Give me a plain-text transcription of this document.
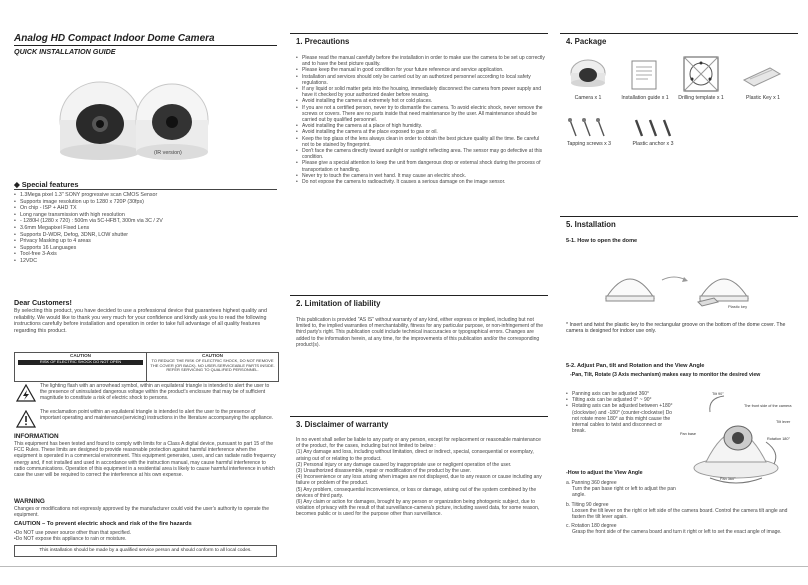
Analog HD Compact Indoor Dome Camera
QUICK INSTALLATION GUIDE
(IR version)
◆ Special features
• 1.3Mega pixel 1.3" SONY progressive scan CMOS Sensor
• Supports image resolution up to 1280 x 720P (30fps)
• On chip - ISP + AHD TX
• Long range transmission with high resolution
• - 1280H (1280 x 720) : 500m via 5C-HFBT, 300m via 3C / 2V
• 3.6mm Megapixel Fixed Lens
• Supports D-WDR, Defog, 3DNR, LOW shutter
• Privacy Masking up to 4 areas
• Supports 16 Languages
• Tool-free 3-Axis
• 12VDC
Dear Customers!
By selecting this product, you have decided to use a professional device that guarantees highest quality and reliability. We would like to thank you very much for your confidence and kindly ask you to read the following instructions carefully before installation and operation in order to take full advantage of all quality features regarding this product.
CAUTION
RISK OF ELECTRIC SHOCK DO NOT OPEN
CAUTION
TO REDUCE THE RISK OF ELECTRIC SHOCK, DO NOT REMOVE THE COVER (OR BACK). NO USER-SERVICEABLE PARTS INSIDE. REFER SERVICING TO QUALIFIED PERSONNEL.
The lighting flash with an arrowhead symbol, within an equilateral triangle is intended to alert the user to the presence of uninsulated dangerous voltage within the product's enclosure that may be of sufficient magnitude to constitute a risk of electric shock to persons.
The exclamation point within an equilateral triangle is intended to alert the user to the presence of important operating and maintenance(servicing) instructions in the literature accompanying the appliance.
INFORMATION
This equipment has been tested and found to comply with limits for a Class A digital device, pursuant to part 15 of the FCC Rules. These limits are designed to provide reasonable protection against harmful interference when the equipment is operated in a commercial environment. This equipment generates, uses, and can radiate radio frequency energy and, if not installed and used in accordance with the instruction manual, may cause harmful interference to radio communications. Operation of this equipment in a residential area is likely to cause harmful interference in which case the user will be required to correct the interference at his own expense.
WARNING
Changes or modifications not expressly approved by the manufacturer could void the user's authority to operate the equipment.
CAUTION – To prevent electric shock and risk of the fire hazards
•Do NOT use power source other than that specified.
•Do NOT expose this appliance to rain or moisture.
This installation should be made by a qualified service person and should conform to all local codes.
1. Precautions
• Please read the manual carefully before the installation in order to make use the camera to be set up correctly and to have the best picture quality.
• Please keep the manual in good condition for your future reference and service application.
• Installation and services should only be carried out by an authorized personnel according to local safety regulations.
• If any liquid or solid matter gets into the housing, immediately disconnect the camera from power supply and have it checked by your authorized dealer before reusing.
• Avoid installing the camera at extremely hot or cold places.
• If you are not a certified person, never try to dismantle the camera. To avoid electric shock, never remove the screws or covers. There are no parts inside that need maintenance by the user. All maintenance should be carried out by qualified personnel.
• Avoid installing the camera at a place of high humidity.
• Avoid installing the camera at the place exposed to gas or oil.
• Keep the top glass of the lens always clean in order to obtain the best picture quality all the time. Be careful not to be stained by fingerprint.
• Don't face the camera directly toward sunlight or sunlight reflecting area. The sensor may go defective at this condition.
• Please give a special attention to keep the unit from dangerous drop or external shock during the process of transportation or handling.
• Never try to touch the camera in wet hand. It may cause an electric shock.
• Do not expose the camera to radioactivity. It causes a serious damage on the image sensor.
2. Limitation of liability
This publication is provided "AS IS" without warranty of any kind, either express or implied, including but not limited to, the implied warranties of merchantability, fitness for any particular purpose, or non-infringement of the third party's right. This publication could include technical inaccuracies or typographical errors. Changes are added to the information herein, at any time, for the improvements of this publication and/or the corresponding product(s).
3. Disclaimer of warranty
In no event shall seller be liable to any party or any person, except for replacement or reasonable maintenance of the product, for the cases, including but not limited to below :
(1) Any damage and loss, including without limitation, direct or indirect, special, consequential or exemplary, arising out of or relating to the product.
(2) Personal injury or any damage caused by inappropriate use or negligent operation of the user.
(3) Unauthorized disassemble, repair or modification of the product by the user.
(4) Inconvenience or any loss arising when images are not displayed, due to any reason or cause including any failure or problem of the product.
(5) Any problem, consequential inconvenience, or loss or damage, arising out of the system combined by the devices of third party.
(6) Any claim or action for damages, brought by any person or organization being photogenic subject, due to violation of privacy with the result of that surveillance-camera's picture, including saved data, for some reason, becomes public or is used for the purpose other than surveillance.
4. Package
Camera x 1	Installation guide x 1	Drilling template x 1	Plastic Key x 1
Tapping screws x 3	Plastic anchor x 3
5. Installation
5-1. How to open the dome
Plastic key
* Insert and twist the plastic key to the rectangular groove on the bottom of the dome cover. The camera is designed for indoor use only.
5-2. Adjust Pan, tilt and Rotation and the View Angle
-Pan, Tilt, Rotate (3 Axis mechanism) makes easy to monitor the desired view
• Panning axis can be adjusted 360°
• Tilting axis can be adjusted 0° ~ 90°
• Rotating axis can be adjusted between +180°(clockwise) and -180° (counter-clockwise) Do not rotate more 180° as this might cause the internal cables to twist and disconnect or break.
Tilt 90°
The front side of the camera
Pan base
Tilt lever
Rotation 180°
Pan 360°
-How to adjust the View Angle
a. Panning 360 degree
Turn the pan base right or left to adjust the pan angle.
b. Tilting 90 degree
Loosen the tilt lever on the right or left side of the camera board. Control the camera tilt angle and fasten the tilt lever again.
c. Rotation 180 degree
Grasp the front side of the camera board and turn it right or left to set the exact angle of image.
